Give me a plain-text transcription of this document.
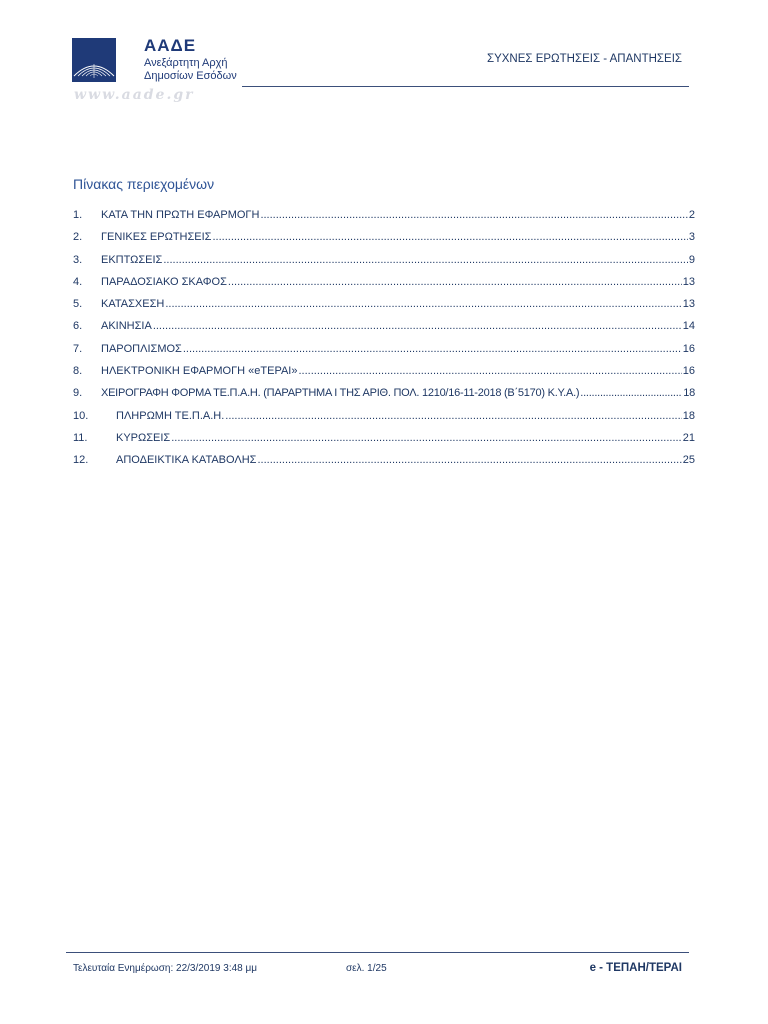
ΑΑΔΕ
Ανεξάρτητη Αρχή
Δημοσίων Εσόδων
www.aade.gr
ΣΥΧΝΕΣ ΕΡΩΤΗΣΕΙΣ - ΑΠΑΝΤΗΣΕΙΣ
Πίνακας περιεχομένων
1. ΚΑΤΑ ΤΗΝ ΠΡΩΤΗ ΕΦΑΡΜΟΓΗ .....	2
2. ΓΕΝΙΚΕΣ ΕΡΩΤΗΣΕΙΣ .....	3
3. ΕΚΠΤΩΣΕΙΣ .....	9
4. ΠΑΡΑΔΟΣΙΑΚΟ ΣΚΑΦΟΣ .....	13
5. ΚΑΤΑΣΧΕΣΗ .....	13
6. ΑΚΙΝΗΣΙΑ .....	14
7. ΠΑΡΟΠΛΙΣΜΟΣ .....	16
8. ΗΛΕΚΤΡΟΝΙΚΗ ΕΦΑΡΜΟΓΗ «eΤΕΡΑΙ» .....	16
9. ΧΕΙΡΟΓΡΑΦΗ ΦΟΡΜΑ ΤΕ.Π.Α.Η. (ΠΑΡΑΡΤΗΜΑ Ι ΤΗΣ ΑΡΙΘ. ΠΟΛ. 1210/16-11-2018 (Β΄5170) Κ.Υ.Α.) .....	18
10.	ΠΛΗΡΩΜΗ ΤΕ.Π.Α.Η. .....	18
11.	ΚΥΡΩΣΕΙΣ .....	21
12.	ΑΠΟΔΕΙΚΤΙΚΑ ΚΑΤΑΒΟΛΗΣ .....	25
Τελευταία Ενημέρωση: 22/3/2019 3:48 μμ	σελ. 1/25	e - ΤΕΠΑΗ/ΤΕΡΑΙ
